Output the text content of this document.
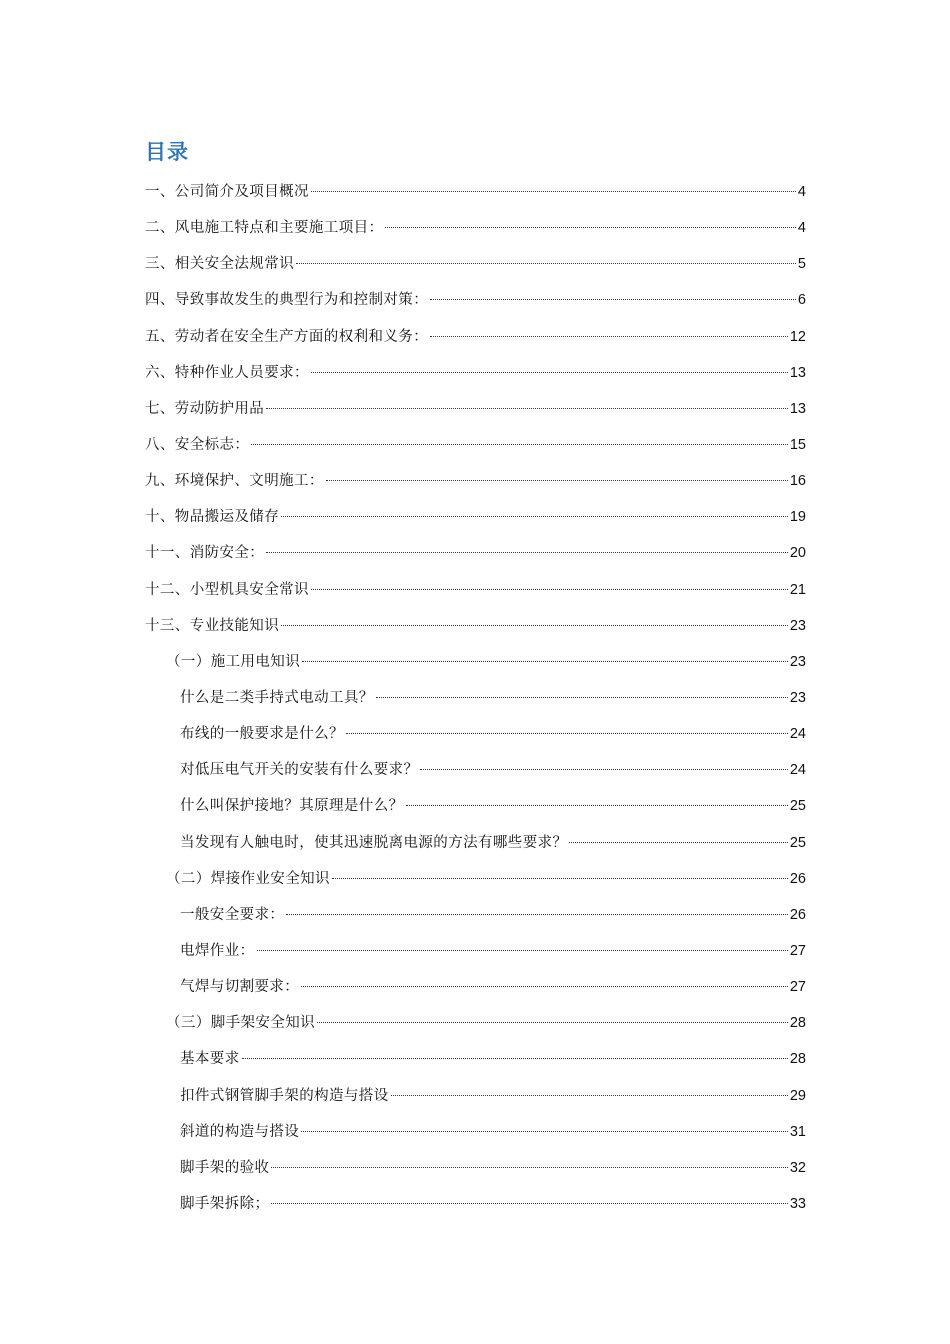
目录
一、公司简介及项目概况	4
二、风电施工特点和主要施工项目：	4
三、相关安全法规常识	5
四、导致事故发生的典型行为和控制对策：	6
五、劳动者在安全生产方面的权利和义务：	12
六、特种作业人员要求：	13
七、劳动防护用品	13
八、安全标志：	15
九、环境保护、文明施工：	16
十、物品搬运及储存	19
十一、消防安全：	20
十二、小型机具安全常识	21
十三、专业技能知识	23
（一）施工用电知识	23
什么是二类手持式电动工具？	23
布线的一般要求是什么？	24
对低压电气开关的安装有什么要求？	24
什么叫保护接地？其原理是什么？	25
当发现有人触电时，使其迅速脱离电源的方法有哪些要求？	25
（二）焊接作业安全知识	26
一般安全要求：	26
电焊作业：	27
气焊与切割要求：	27
（三）脚手架安全知识	28
基本要求	28
扣件式钢管脚手架的构造与搭设	29
斜道的构造与搭设	31
脚手架的验收	32
脚手架拆除；	33
